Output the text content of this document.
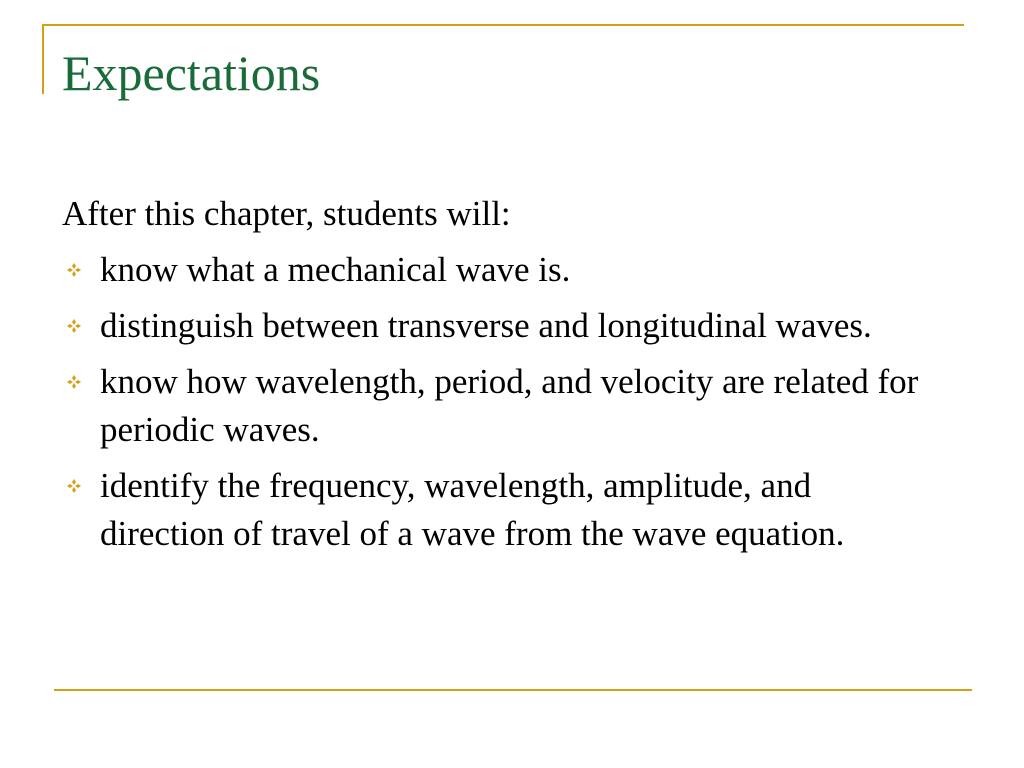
Expectations

After this chapter, students will:

know what a mechanical wave is.
distinguish between transverse and longitudinal waves.
know how wavelength, period, and velocity are related for periodic waves.
identify the frequency, wavelength, amplitude, and direction of travel of a wave from the wave equation.
